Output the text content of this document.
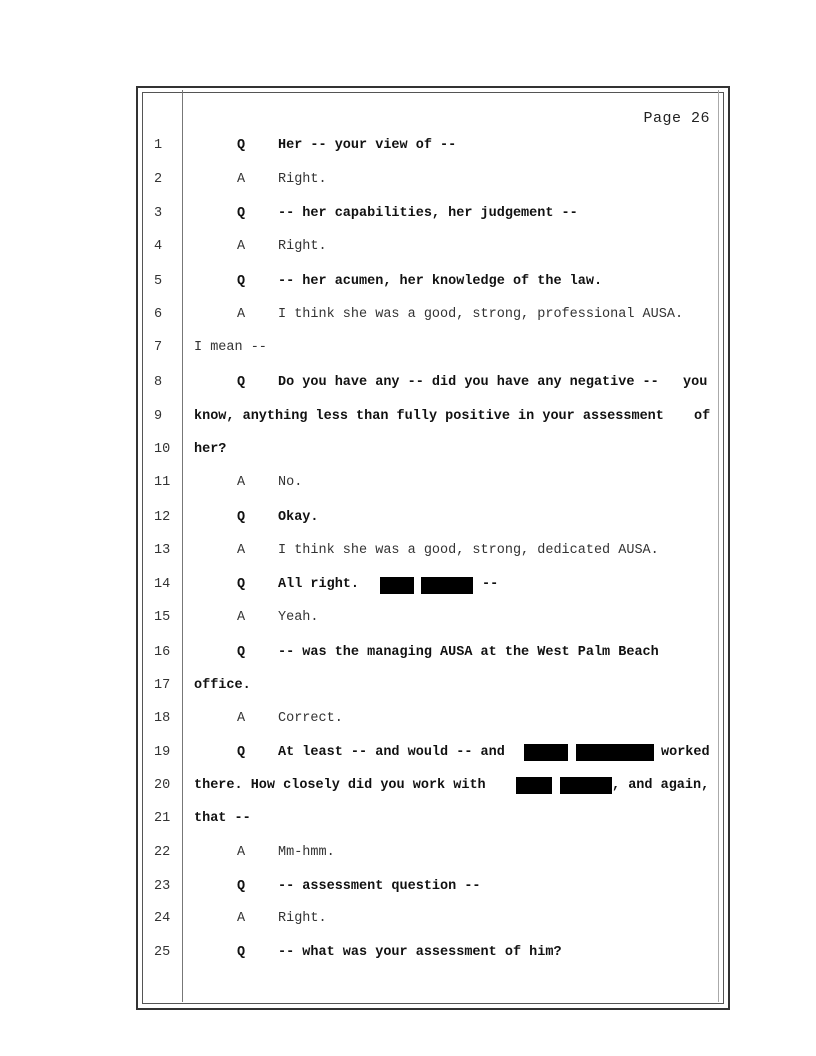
Page 26
1	Q Her -- your view of --
2	A Right.
3	Q -- her capabilities, her judgement --
4	A Right.
5	Q -- her acumen, her knowledge of the law.
6	A I think she was a good, strong, professional AUSA.
7 I mean --
8	Q Do you have any -- did you have any negative -- you
9 know, anything less than fully positive in your assessment of
10 her?
11	A No.
12	Q Okay.
13	A I think she was a good, strong, dedicated AUSA.
14	Q All right.	--
15	A Yeah.
16	Q -- was the managing AUSA at the West Palm Beach
17 office.
18	A Correct.
19	Q At least -- and would -- and	worked
20 there. How closely did you work with	, and again,
21 that --
22	A Mm-hmm.
23	Q -- assessment question --
24	A Right.
25	Q -- what was your assessment of him?
